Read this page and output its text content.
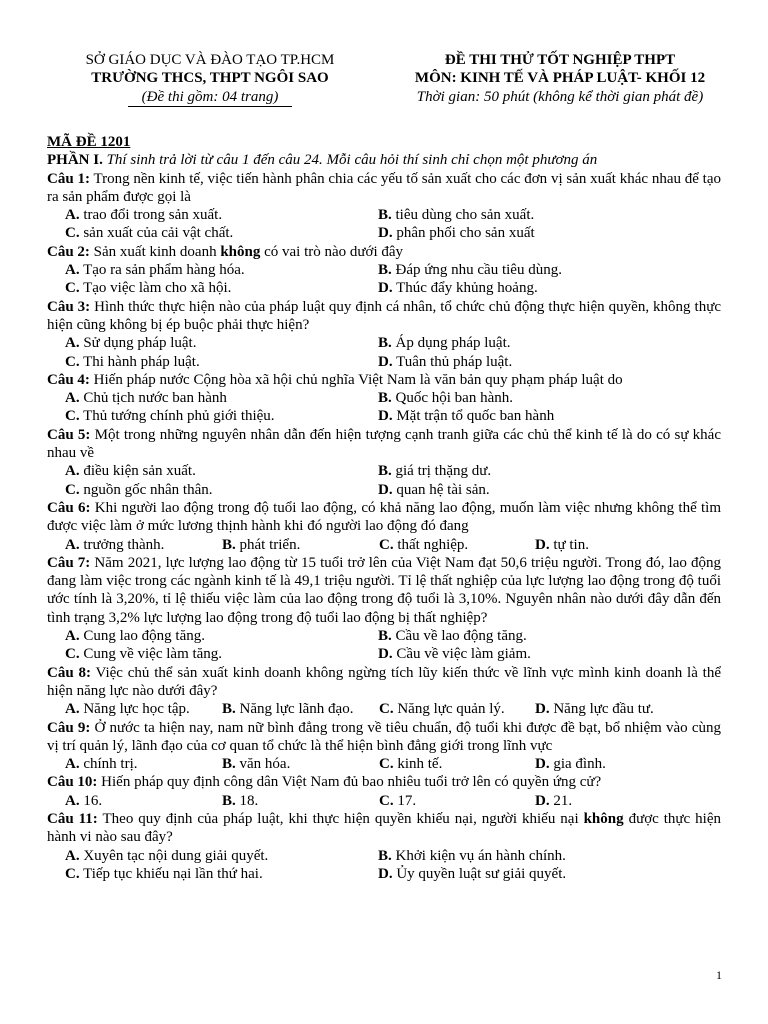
SỞ GIÁO DỤC VÀ ĐÀO TẠO TP.HCM
TRƯỜNG THCS, THPT NGÔI SAO
(Đề thi gồm: 04 trang)
ĐỀ THI THỬ TỐT NGHIỆP THPT
MÔN: KINH TẾ VÀ PHÁP LUẬT- KHỐI 12
Thời gian: 50 phút (không kể thời gian phát đề)
MÃ ĐỀ 1201
PHẦN I. Thí sinh trả lời từ câu 1 đến câu 24. Mỗi câu hỏi thí sinh chỉ chọn một phương án
Câu 1: Trong nền kinh tế, việc tiến hành phân chia các yếu tố sản xuất cho các đơn vị sản xuất khác nhau để tạo ra sản phẩm được gọi là
A. trao đổi trong sản xuất.	B. tiêu dùng cho sản xuất.
C. sản xuất của cải vật chất.	D. phân phối cho sản xuất
Câu 2: Sản xuất kinh doanh không có vai trò nào dưới đây
A. Tạo ra sản phẩm hàng hóa.	B. Đáp ứng nhu cầu tiêu dùng.
C. Tạo việc làm cho xã hội.	D. Thúc đẩy khủng hoảng.
Câu 3: Hình thức thực hiện nào của pháp luật quy định cá nhân, tổ chức chủ động thực hiện quyền, không thực hiện cũng không bị ép buộc phải thực hiện?
A. Sử dụng pháp luật.	B. Áp dụng pháp luật.
C. Thi hành pháp luật.	D. Tuân thủ pháp luật.
Câu 4: Hiến pháp nước Cộng hòa xã hội chủ nghĩa Việt Nam là văn bản quy phạm pháp luật do
A. Chủ tịch nước ban hành	B. Quốc hội ban hành.
C. Thủ tướng chính phủ giới thiệu.	D. Mặt trận tổ quốc ban hành
Câu 5: Một trong những nguyên nhân dẫn đến hiện tượng cạnh tranh giữa các chủ thể kinh tế là do có sự khác nhau về
A. điều kiện sản xuất.	B. giá trị thặng dư.
C. nguồn gốc nhân thân.	D. quan hệ tài sản.
Câu 6: Khi người lao động trong độ tuổi lao động, có khả năng lao động, muốn làm việc nhưng không thể tìm được việc làm ở mức lương thịnh hành khi đó người lao động đó đang
A. trưởng thành.	B. phát triển.	C. thất nghiệp.	D. tự tin.
Câu 7: Năm 2021, lực lượng lao động từ 15 tuổi trở lên của Việt Nam đạt 50,6 triệu người. Trong đó, lao động đang làm việc trong các ngành kinh tế là 49,1 triệu người. Tỉ lệ thất nghiệp của lực lượng lao động trong độ tuổi ước tính là 3,20%, tỉ lệ thiếu việc làm của lao động trong độ tuổi là 3,10%. Nguyên nhân nào dưới đây dẫn đến tình trạng 3,2% lực lượng lao động trong độ tuổi lao động bị thất nghiệp?
A. Cung lao động tăng.	B. Cầu về lao động tăng.
C. Cung về việc làm tăng.	D. Cầu về việc làm giảm.
Câu 8: Việc chủ thể sản xuất kinh doanh không ngừng tích lũy kiến thức về lĩnh vực mình kinh doanh là thể hiện năng lực nào dưới đây?
A. Năng lực học tập.	B. Năng lực lãnh đạo.	C. Năng lực quản lý.	D. Năng lực đầu tư.
Câu 9: Ở nước ta hiện nay, nam nữ bình đẳng trong về tiêu chuẩn, độ tuổi khi được đề bạt, bổ nhiệm vào cùng vị trí quản lý, lãnh đạo của cơ quan tổ chức là thể hiện bình đẳng giới trong lĩnh vực
A. chính trị.	B. văn hóa.	C. kinh tế.	D. gia đình.
Câu 10: Hiến pháp quy định công dân Việt Nam đủ bao nhiêu tuổi trở lên có quyền ứng cử?
A. 16.	B. 18.	C. 17.	D. 21.
Câu 11: Theo quy định của pháp luật, khi thực hiện quyền khiếu nại, người khiếu nại không được thực hiện hành vi nào sau đây?
A. Xuyên tạc nội dung giải quyết.	B. Khởi kiện vụ án hành chính.
C. Tiếp tục khiếu nại lần thứ hai.	D. Ủy quyền luật sư giải quyết.
1
